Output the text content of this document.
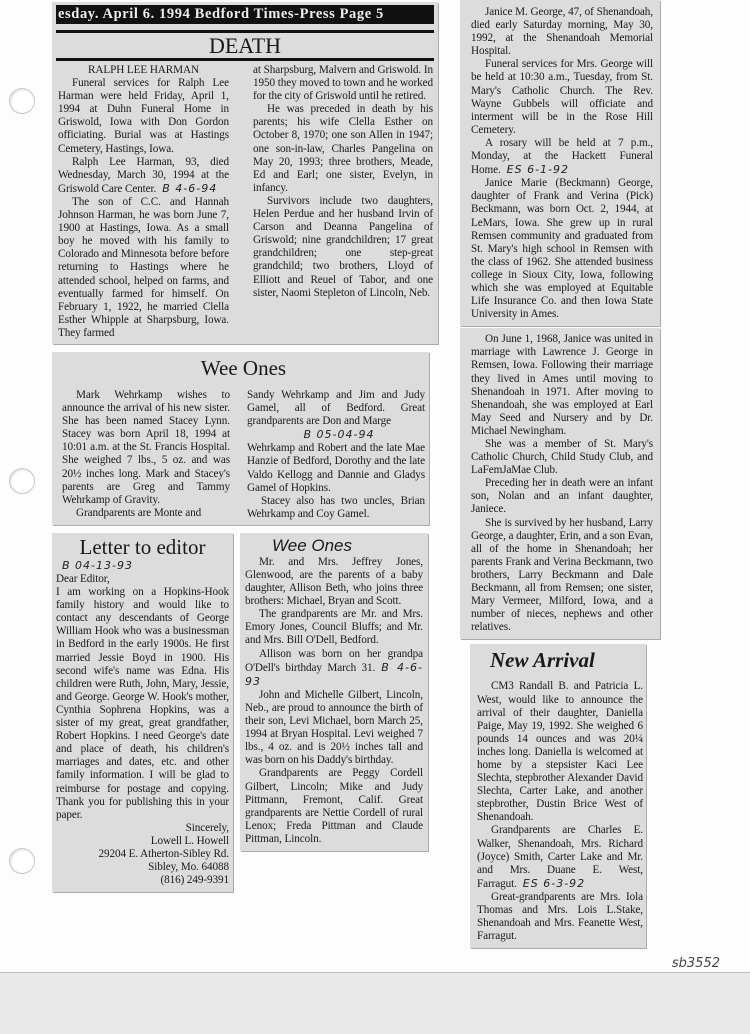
esday. April 6. 1994 Bedford Times-Press Page 5
DEATH

RALPH LEE HARMAN

Funeral services for Ralph Lee Harman were held Friday, April 1, 1994 at Duhn Funeral Home in Griswold, Iowa with Don Gordon officiating. Burial was at Hastings Cemetery, Hastings, Iowa.

Ralph Lee Harman, 93, died Wednesday, March 30, 1994 at the Griswold Care Center. B 4-6-94

The son of C.C. and Hannah Johnson Harman, he was born June 7, 1900 at Hastings, Iowa. As a small boy he moved with his family to Colorado and Minnesota before before returning to Hastings where he attended school, helped on farms, and eventually farmed for himself. On February 1, 1922, he married Clella Esther Whipple at Sharpsburg, Iowa. They farmed

at Sharpsburg, Malvern and Griswold. In 1950 they moved to town and he worked for the city of Griswold until he retired.

He was preceded in death by his parents; his wife Clella Esther on October 8, 1970; one son Allen in 1947; one son-in-law, Charles Pangelina on May 20, 1993; three brothers, Meade, Ed and Earl; one sister, Evelyn, in infancy.

Survivors include two daughters, Helen Perdue and her husband Irvin of Carson and Deanna Pangelina of Griswold; nine grandchildren; 17 great grandchildren; one step-great grandchild; two brothers, Lloyd of Elliott and Reuel of Tabor, and one sister, Naomi Stepleton of Lincoln, Neb.

Wee Ones

Mark Wehrkamp wishes to announce the arrival of his new sister. She has been named Stacey Lynn. Stacey was born April 18, 1994 at 10:01 a.m. at the St. Francis Hospital. She weighed 7 lbs., 5 oz. and was 20½ inches long. Mark and Stacey's parents are Greg and Tammy Wehrkamp of Gravity.

Grandparents are Monte and

Sandy Wehrkamp and Jim and Judy Gamel, all of Bedford. Great grandparents are Don and Marge

B 05-04-94

Wehrkamp and Robert and the late Mae Hanzie of Bedford, Dorothy and the late Valdo Kellogg and Dannie and Gladys Gamel of Hopkins.

Stacey also has two uncles, Brian Wehrkamp and Coy Gamel.

Letter to editor

B 04-13-93

Dear Editor,

I am working on a Hopkins-Hook family history and would like to contact any descendants of George William Hook who was a businessman in Bedford in the early 1900s. He first married Jessie Boyd in 1900. His second wife's name was Edna. His children were Ruth, John, Mary, Jessie, and George. George W. Hook's mother, Cynthia Sophrena Hopkins, was a sister of my great, great grandfather, Robert Hopkins. I need George's date and place of death, his children's marriages and dates, etc. and other family information. I will be glad to reimburse for postage and copying. Thank you for publishing this in your paper.

Sincerely,

Lowell L. Howell

29204 E. Atherton-Sibley Rd.

Sibley, Mo. 64088

(816) 249-9391

Wee Ones

Mr. and Mrs. Jeffrey Jones, Glenwood, are the parents of a baby daughter, Allison Beth, who joins three brothers: Michael, Bryan and Scott.

The grandparents are Mr. and Mrs. Emory Jones, Council Bluffs; and Mr. and Mrs. Bill O'Dell, Bedford.

Allison was born on her grandpa O'Dell's birthday March 31. B 4-6-93

John and Michelle Gilbert, Lincoln, Neb., are proud to announce the birth of their son, Levi Michael, born March 25, 1994 at Bryan Hospital. Levi weighed 7 lbs., 4 oz. and is 20½ inches tall and was born on his Daddy's birthday.

Grandparents are Peggy Cordell Gilbert, Lincoln; Mike and Judy Pittmann, Fremont, Calif. Great grandparents are Nettie Cordell of rural Lenox; Freda Pittman and Claude Pittman, Lincoln.

Janice M. George, 47, of Shenandoah, died early Saturday morning, May 30, 1992, at the Shenandoah Memorial Hospital.

Funeral services for Mrs. George will be held at 10:30 a.m., Tuesday, from St. Mary's Catholic Church. The Rev. Wayne Gubbels will officiate and interment will be in the Rose Hill Cemetery.

A rosary will be held at 7 p.m., Monday, at the Hackett Funeral Home. ES 6-1-92

Janice Marie (Beckmann) George, daughter of Frank and Verina (Pick) Beckmann, was born Oct. 2, 1944, at LeMars, Iowa. She grew up in rural Remsen community and graduated from St. Mary's high school in Remsen with the class of 1962. She attended business college in Sioux City, Iowa, following which she was employed at Equitable Life Insurance Co. and then Iowa State University in Ames.

On June 1, 1968, Janice was united in marriage with Lawrence J. George in Remsen, Iowa. Following their marriage they lived in Ames until moving to Shenandoah in 1971. After moving to Shenandoah, she was employed at Earl May Seed and Nursery and by Dr. Michael Newingham.

She was a member of St. Mary's Catholic Church, Child Study Club, and LaFemJaMae Club.

Preceding her in death were an infant son, Nolan and an infant daughter, Janiece.

She is survived by her husband, Larry George, a daughter, Erin, and a son Evan, all of the home in Shenandoah; her parents Frank and Verina Beckmann, two brothers, Larry Beckmann and Dale Beckmann, all from Remsen; one sister, Mary Vermeer, Milford, Iowa, and a number of nieces, nephews and other relatives.

New Arrival

CM3 Randall B. and Patricia L. West, would like to announce the arrival of their daughter, Daniella Paige, May 19, 1992. She weighed 6 pounds 14 ounces and was 20¼ inches long. Daniella is welcomed at home by a stepsister Kaci Lee Slechta, stepbrother Alexander David Slechta, Carter Lake, and another stepbrother, Dustin Brice West of Shenandoah.

Grandparents are Charles E. Walker, Shenandoah, Mrs. Richard (Joyce) Smith, Carter Lake and Mr. and Mrs. Duane E. West, Farragut. ES 6-3-92

Great-grandparents are Mrs. Iola Thomas and Mrs. Lois L.Stake, Shenandoah and Mrs. Feanette West, Farragut.

sb3552
